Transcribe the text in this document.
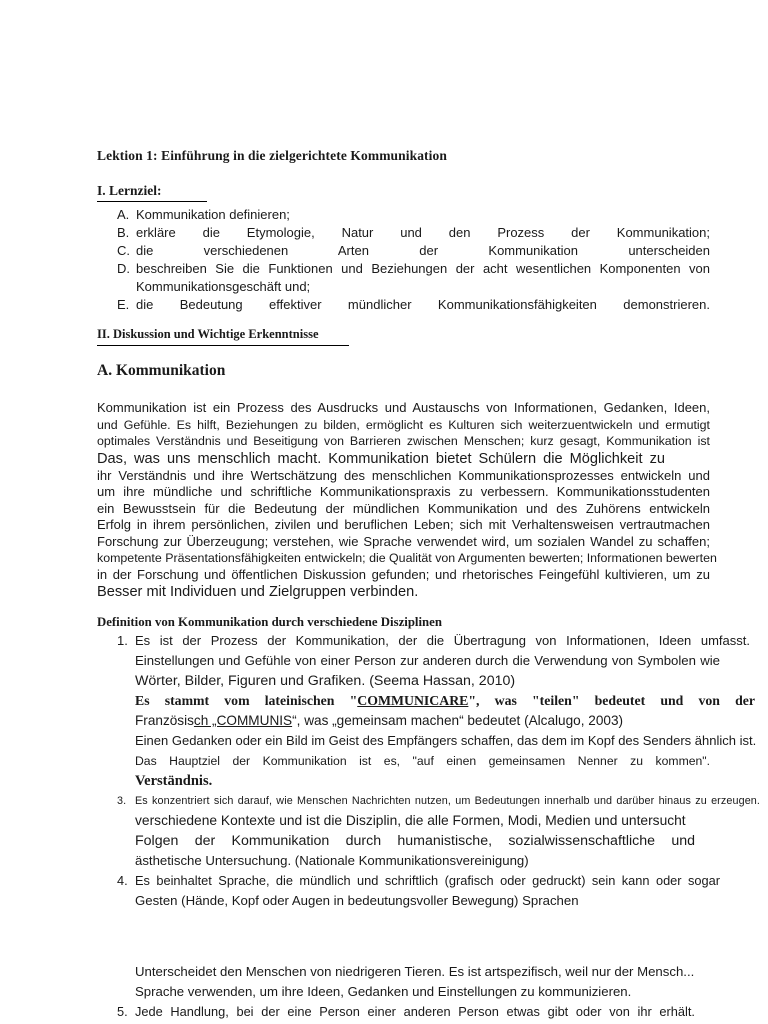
Lektion 1: Einführung in die zielgerichtete Kommunikation
I. Lernziel:
A. Kommunikation definieren;
B. erkläre die Etymologie, Natur und den Prozess der Kommunikation;
C. die verschiedenen Arten der Kommunikation unterscheiden
D. beschreiben Sie die Funktionen und Beziehungen der acht wesentlichen Komponenten von Kommunikationsgeschäft und;
E. die Bedeutung effektiver mündlicher Kommunikationsfähigkeiten demonstrieren.
II. Diskussion und Wichtige Erkenntnisse
A. Kommunikation
Kommunikation ist ein Prozess des Ausdrucks und Austauschs von Informationen, Gedanken, Ideen,
und Gefühle. Es hilft, Beziehungen zu bilden, ermöglicht es Kulturen sich weiterzuentwickeln und ermutigt
optimales Verständnis und Beseitigung von Barrieren zwischen Menschen; kurz gesagt, Kommunikation ist
Das, was uns menschlich macht. Kommunikation bietet Schülern die Möglichkeit zu
ihr Verständnis und ihre Wertschätzung des menschlichen Kommunikationsprozesses entwickeln und
um ihre mündliche und schriftliche Kommunikationspraxis zu verbessern. Kommunikationsstudenten
ein Bewusstsein für die Bedeutung der mündlichen Kommunikation und des Zuhörens entwickeln
Erfolg in ihrem persönlichen, zivilen und beruflichen Leben; sich mit Verhaltensweisen vertrautmachen
Forschung zur Überzeugung; verstehen, wie Sprache verwendet wird, um sozialen Wandel zu schaffen;
kompetente Präsentationsfähigkeiten entwickeln; die Qualität von Argumenten bewerten; Informationen bewerten
in der Forschung und öffentlichen Diskussion gefunden; und rhetorisches Feingefühl kultivieren, um zu
Besser mit Individuen und Zielgruppen verbinden.
Definition von Kommunikation durch verschiedene Disziplinen
1. Es ist der Prozess der Kommunikation, der die Übertragung von Informationen, Ideen umfasst.
Einstellungen und Gefühle von einer Person zur anderen durch die Verwendung von Symbolen wie
Wörter, Bilder, Figuren und Grafiken. (Seema Hassan, 2010)
Es stammt vom lateinischen "COMMUNICARE", was "teilen" bedeutet und von der
Französisch „COMMUNIS“, was „gemeinsam machen“ bedeutet (Alcalugo, 2003)
Einen Gedanken oder ein Bild im Geist des Empfängers schaffen, das dem im Kopf des Senders ähnlich ist.
Das Hauptziel der Kommunikation ist es, "auf einen gemeinsamen Nenner zu kommen".
Verständnis.
3. Es konzentriert sich darauf, wie Menschen Nachrichten nutzen, um Bedeutungen innerhalb und darüber hinaus zu erzeugen.
verschiedene Kontexte und ist die Disziplin, die alle Formen, Modi, Medien und untersucht
Folgen der Kommunikation durch humanistische, sozialwissenschaftliche und
ästhetische Untersuchung. (Nationale Kommunikationsvereinigung)
4. Es beinhaltet Sprache, die mündlich und schriftlich (grafisch oder gedruckt) sein kann oder sogar
Gesten (Hände, Kopf oder Augen in bedeutungsvoller Bewegung) Sprachen
Unterscheidet den Menschen von niedrigeren Tieren. Es ist artspezifisch, weil nur der Mensch...
Sprache verwenden, um ihre Ideen, Gedanken und Einstellungen zu kommunizieren.
5. Jede Handlung, bei der eine Person einer anderen Person etwas gibt oder von ihr erhält.
